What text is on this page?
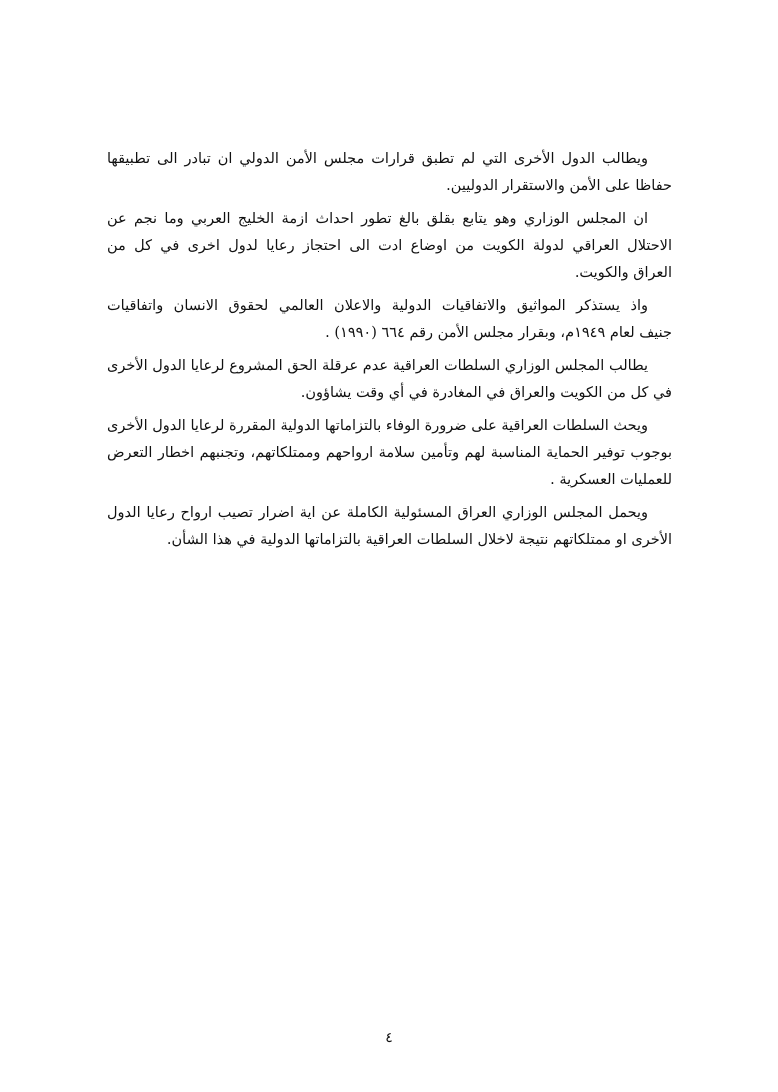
ويطالب الدول الأخرى التي لم تطبق قرارات مجلس الأمن الدولي ان تبادر الى تطبيقها
حفاظا على الأمن والاستقرار الدوليين.
ان المجلس الوزاري وهو يتابع بقلق بالغ تطور احداث ازمة الخليج العربي وما نجم عن
الاحتلال العراقي لدولة الكويت من اوضاع ادت الى احتجاز رعايا لدول اخرى في كل من
العراق والكويت.
واذ يستذكر المواثيق والاتفاقيات الدولية والاعلان العالمي لحقوق الانسان واتفاقيات
جنيف لعام ١٩٤٩م، وبقرار مجلس الأمن رقم ٦٦٤ (١٩٩٠) .
يطالب المجلس الوزاري السلطات العراقية عدم عرقلة الحق المشروع لرعايا الدول الأخرى
في كل من الكويت والعراق في المغادرة في أي وقت يشاؤون.
ويحث السلطات العراقية على ضرورة الوفاء بالتزاماتها الدولية المقررة لرعايا الدول الأخرى
بوجوب توفير الحماية المناسبة لهم وتأمين سلامة ارواحهم وممتلكاتهم، وتجنبهم اخطار التعرض
للعمليات العسكرية .
ويحمل المجلس الوزاري العراق المسئولية الكاملة عن اية اضرار تصيب ارواح رعايا الدول
الأخرى او ممتلكاتهم نتيجة لاخلال السلطات العراقية بالتزاماتها الدولية في هذا الشأن.
٤
